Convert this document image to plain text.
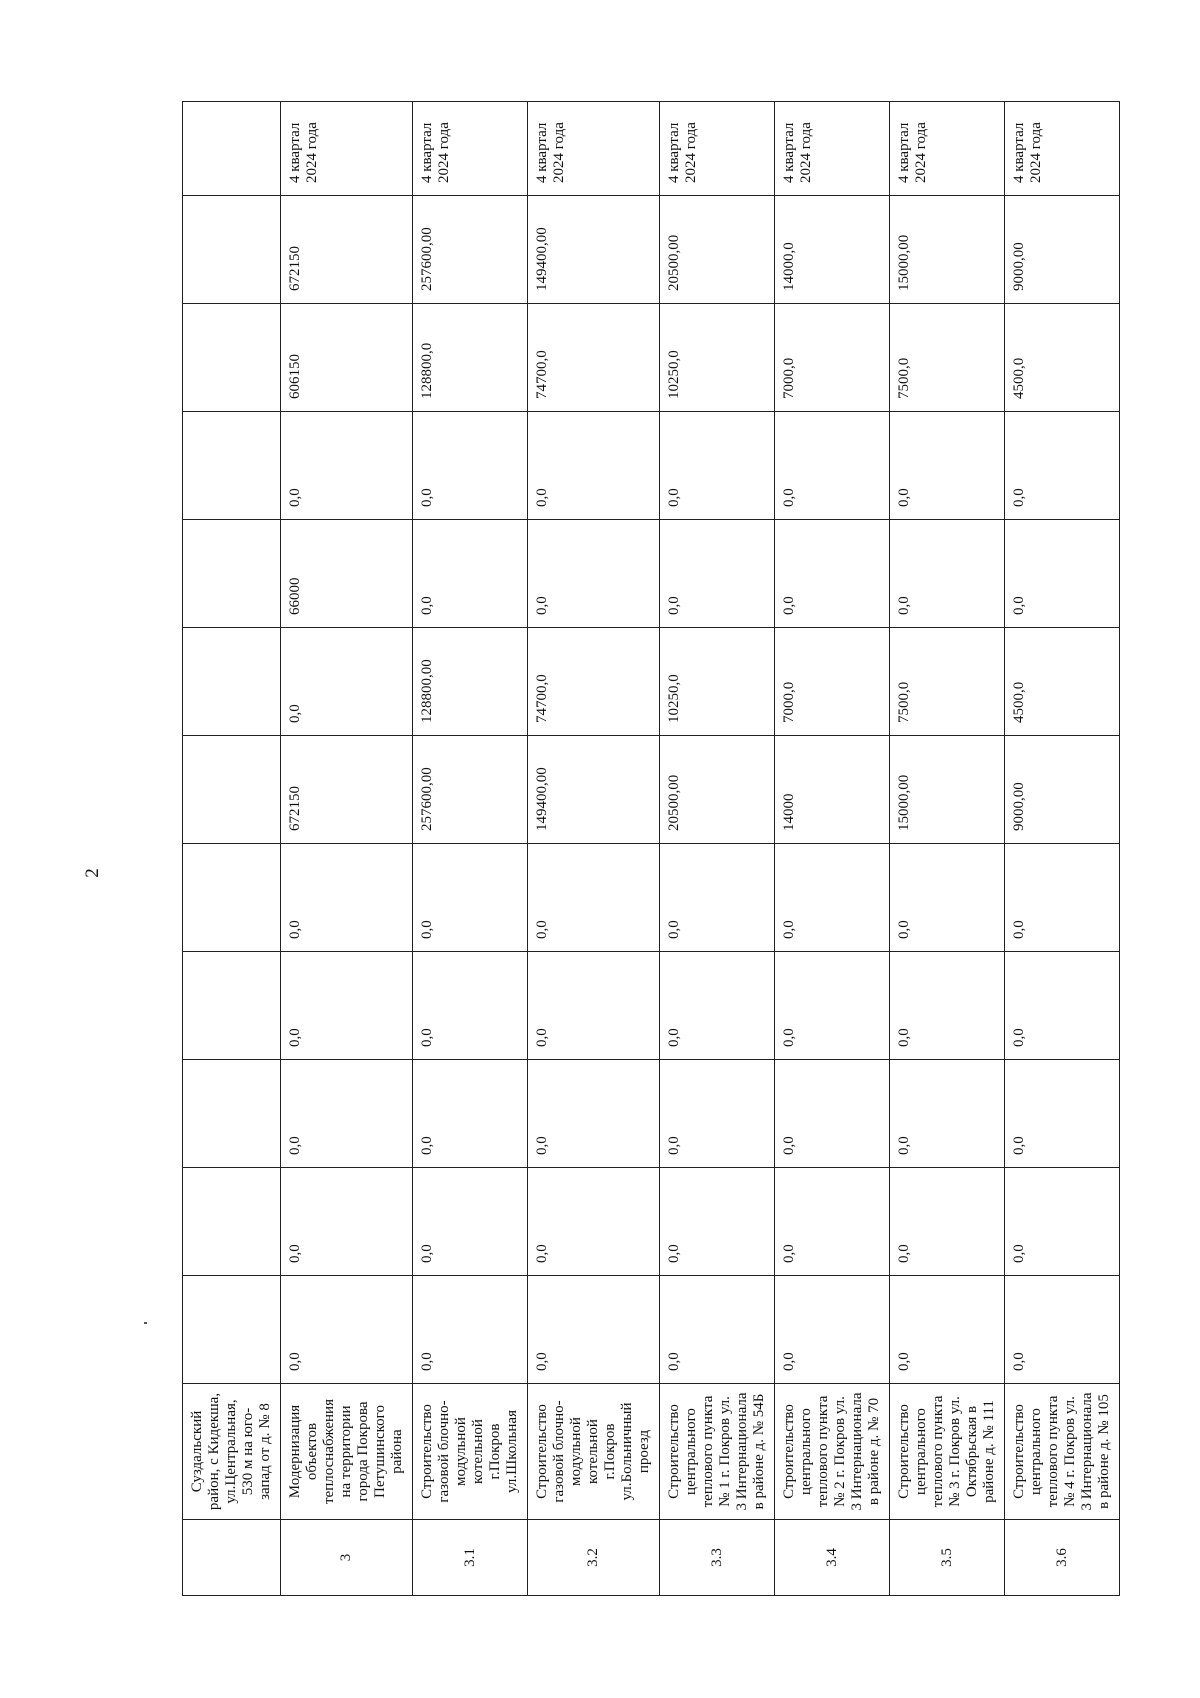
2
	Суздальский район, с Кидекша, ул.Центральная, 530 м на юго-запад от д. № 8												
3	Модернизация объектов теплоснабжения на территории города Покрова Петушинского района	0,0	0,0	0,0	0,0	0,0	672150	0,0	66000	0,0	606150	672150	4 квартал 2024 года
3.1	Строительство газовой блочно-модульной котельной г.Покров ул.Школьная	0,0	0,0	0,0	0,0	0,0	257600,00	128800,00	0,0	0,0	128800,0	257600,00	4 квартал 2024 года
3.2	Строительство газовой блочно-модульной котельной г.Покров ул.Больничный проезд	0,0	0,0	0,0	0,0	0,0	149400,00	74700,0	0,0	0,0	74700,0	149400,00	4 квартал 2024 года
3.3	Строительство центрального теплового пункта № 1 г. Покров ул. 3 Интернационала в районе д. № 54Б	0,0	0,0	0,0	0,0	0,0	20500,00	10250,0	0,0	0,0	10250,0	20500,00	4 квартал 2024 года
3.4	Строительство центрального теплового пункта № 2 г. Покров ул. 3 Интернационала в районе д. № 70	0,0	0,0	0,0	0,0	0,0	14000	7000,0	0,0	0,0	7000,0	14000,0	4 квартал 2024 года
3.5	Строительство центрального теплового пункта № 3 г. Покров ул. Октябрьская в районе д. № 111	0,0	0,0	0,0	0,0	0,0	15000,00	7500,0	0,0	0,0	7500,0	15000,00	4 квартал 2024 года
3.6	Строительство центрального теплового пункта № 4 г. Покров ул. 3 Интернационала в районе д. № 105	0,0	0,0	0,0	0,0	0,0	9000,00	4500,0	0,0	0,0	4500,0	9000,00	4 квартал 2024 года
